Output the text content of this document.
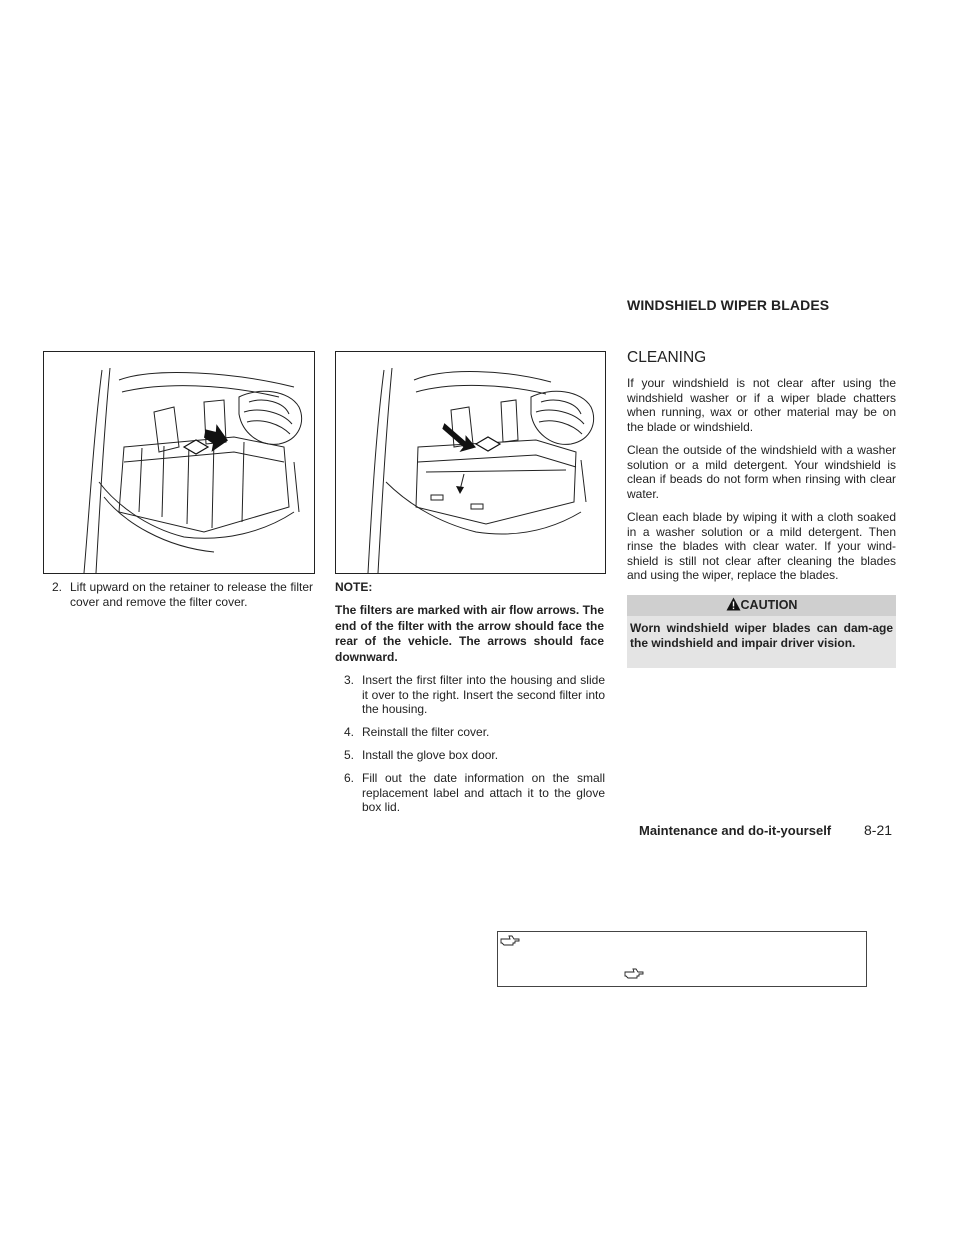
2. Lift upward on the retainer to release the filter cover and remove the filter cover.
NOTE:
The filters are marked with air flow arrows. The end of the filter with the arrow should face the rear of the vehicle. The arrows should face downward.
3. Insert the first filter into the housing and slide it over to the right. Insert the second filter into the housing.
4. Reinstall the filter cover.
5. Install the glove box door.
6. Fill out the date information on the small replacement label and attach it to the glove box lid.
WINDSHIELD WIPER BLADES
CLEANING
If your windshield is not clear after using the windshield washer or if a wiper blade chatters when running, wax or other material may be on the blade or windshield.
Clean the outside of the windshield with a washer solution or a mild detergent. Your windshield is clean if beads do not form when rinsing with clear water.
Clean each blade by wiping it with a cloth soaked in a washer solution or a mild detergent. Then rinse the blades with clear water. If your wind-shield is still not clear after cleaning the blades and using the wiper, replace the blades.
CAUTION
Worn windshield wiper blades can dam-age the windshield and impair driver vision.
Maintenance and do-it-yourself 8-21
